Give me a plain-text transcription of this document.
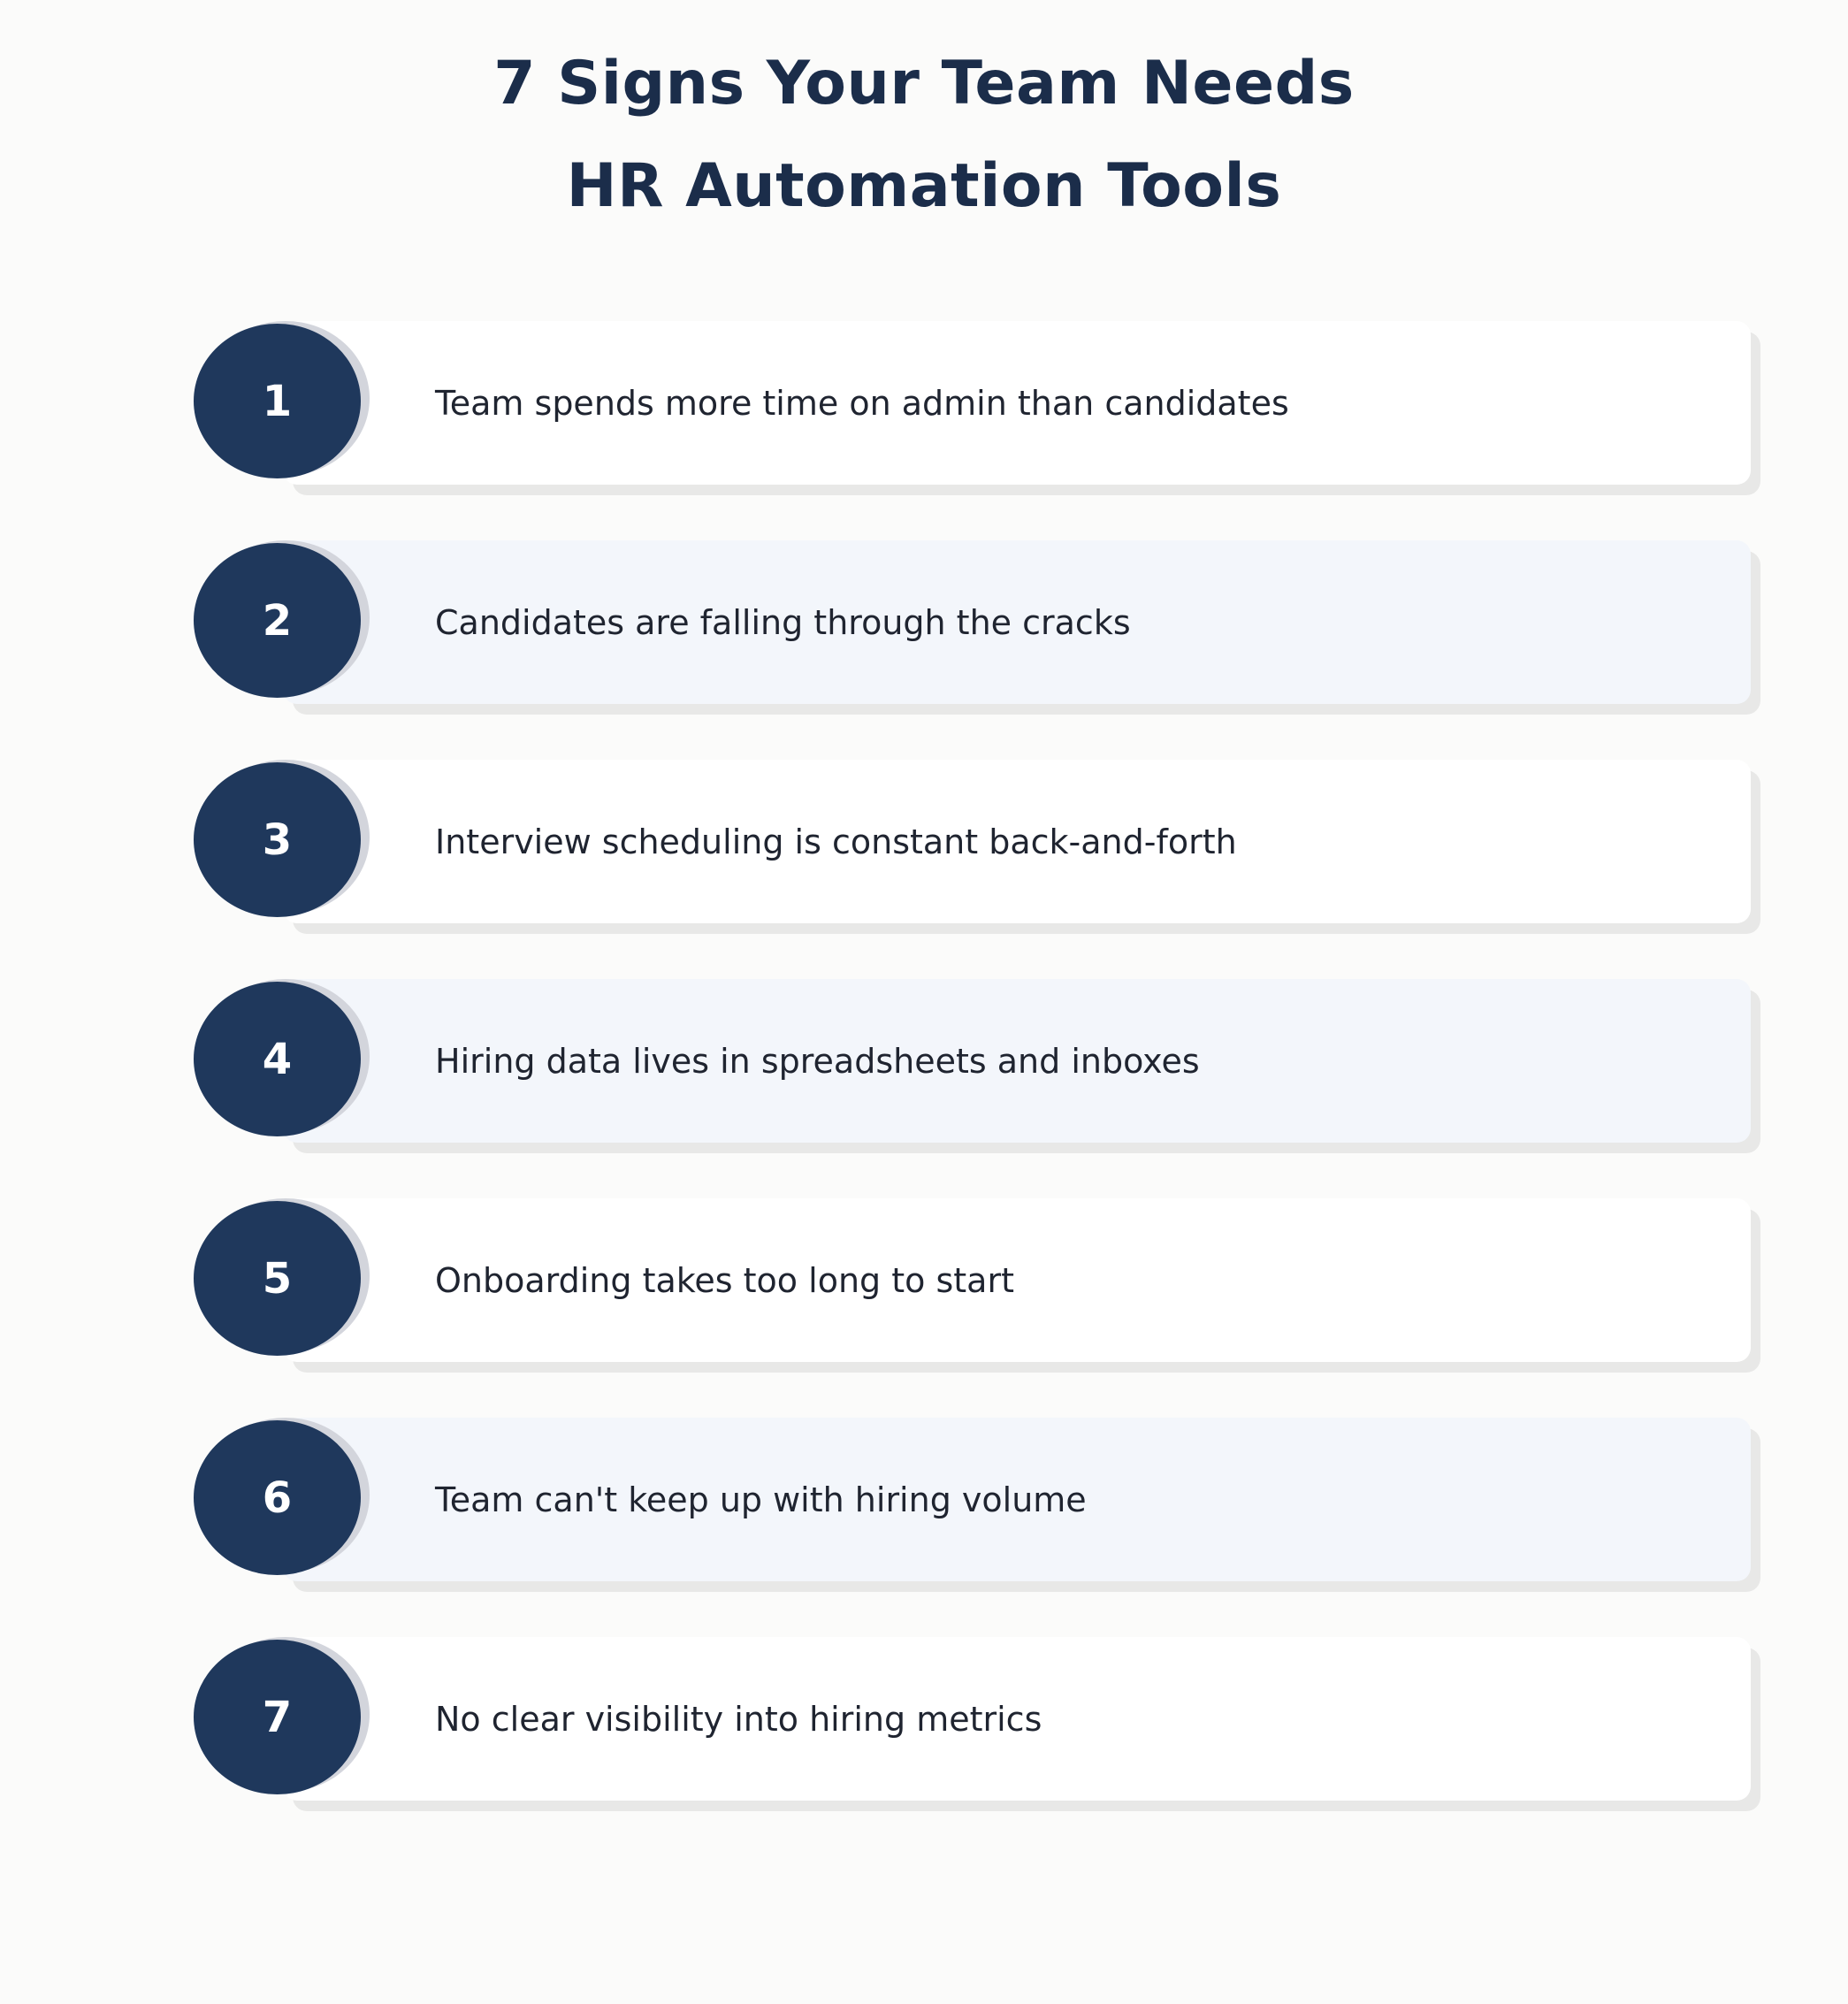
7 Signs Your Team Needs
HR Automation Tools
1	Team spends more time on admin than candidates
2	Candidates are falling through the cracks
3	Interview scheduling is constant back-and-forth
4	Hiring data lives in spreadsheets and inboxes
5	Onboarding takes too long to start
6	Team can't keep up with hiring volume
7	No clear visibility into hiring metrics
